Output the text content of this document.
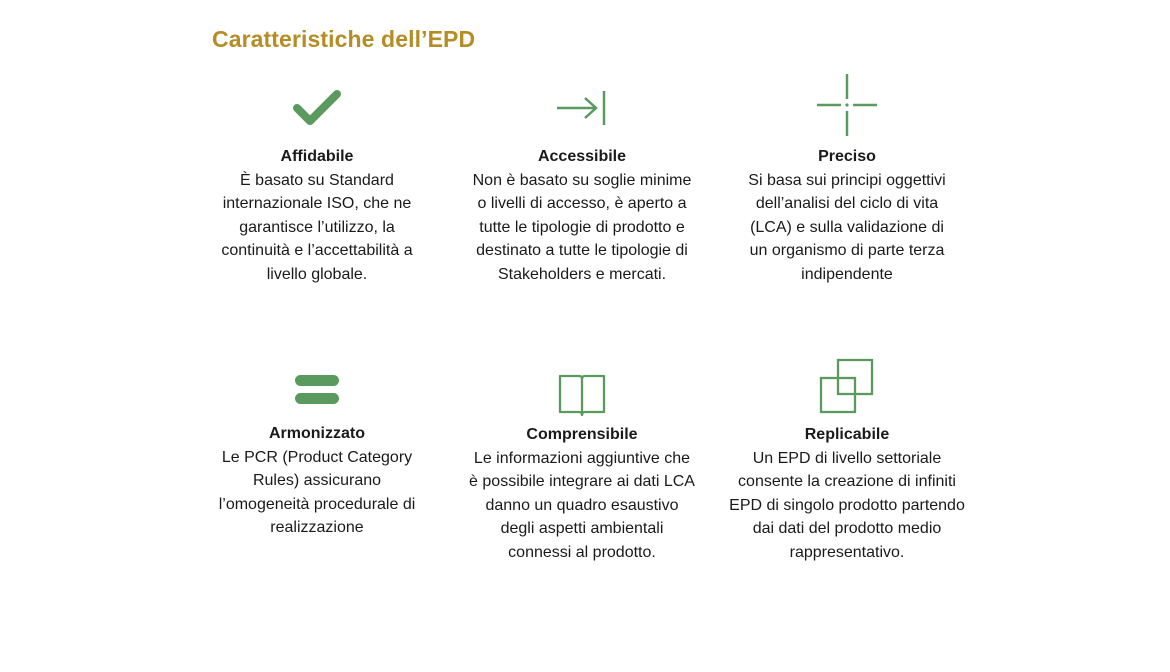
Caratteristiche dell’EPD
Affidabile
È basato su Standard internazionale ISO, che ne garantisce l’utilizzo, la continuità e l’accettabilità a livello globale.
Accessibile
Non è basato su soglie minime o livelli di accesso, è aperto a tutte le tipologie di prodotto e destinato a tutte le tipologie di Stakeholders e mercati.
Preciso
Si basa sui principi oggettivi dell’analisi del ciclo di vita (LCA) e sulla validazione di un organismo di parte terza indipendente
Armonizzato
Le PCR (Product Category Rules) assicurano l’omogeneità procedurale di realizzazione
Comprensibile
Le informazioni aggiuntive che è possibile integrare ai dati LCA danno un quadro esaustivo degli aspetti ambientali connessi al prodotto.
Replicabile
Un EPD di livello settoriale consente la creazione di infiniti EPD di singolo prodotto partendo dai dati del prodotto medio rappresentativo.
